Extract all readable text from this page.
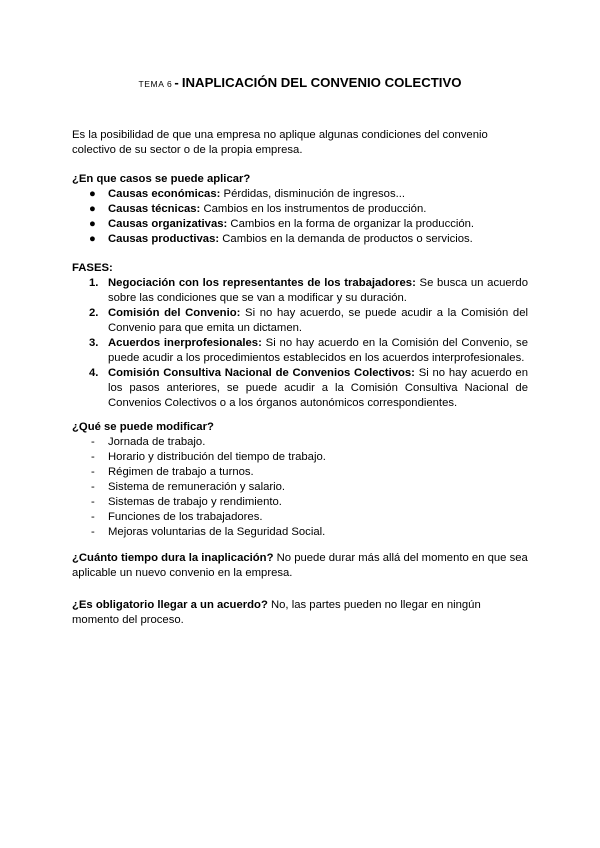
TEMA 6 - INAPLICACIÓN DEL CONVENIO COLECTIVO
Es la posibilidad de que una empresa no aplique algunas condiciones del convenio colectivo de su sector o de la propia empresa.
¿En que casos se puede aplicar?
● Causas económicas: Pérdidas, disminución de ingresos...
● Causas técnicas: Cambios en los instrumentos de producción.
● Causas organizativas: Cambios en la forma de organizar la producción.
● Causas productivas: Cambios en la demanda de productos o servicios.
FASES:
1. Negociación con los representantes de los trabajadores: Se busca un acuerdo sobre las condiciones que se van a modificar y su duración.
2. Comisión del Convenio: Si no hay acuerdo, se puede acudir a la Comisión del Convenio para que emita un dictamen.
3. Acuerdos inerprofesionales: Si no hay acuerdo en la Comisión del Convenio, se puede acudir a los procedimientos establecidos en los acuerdos interprofesionales.
4. Comisión Consultiva Nacional de Convenios Colectivos: Si no hay acuerdo en los pasos anteriores, se puede acudir a la Comisión Consultiva Nacional de Convenios Colectivos o a los órganos autonómicos correspondientes.
¿Qué se puede modificar?
- Jornada de trabajo.
- Horario y distribución del tiempo de trabajo.
- Régimen de trabajo a turnos.
- Sistema de remuneración y salario.
- Sistemas de trabajo y rendimiento.
- Funciones de los trabajadores.
- Mejoras voluntarias de la Seguridad Social.
¿Cuánto tiempo dura la inaplicación? No puede durar más allá del momento en que sea aplicable un nuevo convenio en la empresa.
¿Es obligatorio llegar a un acuerdo? No, las partes pueden no llegar en ningún momento del proceso.
